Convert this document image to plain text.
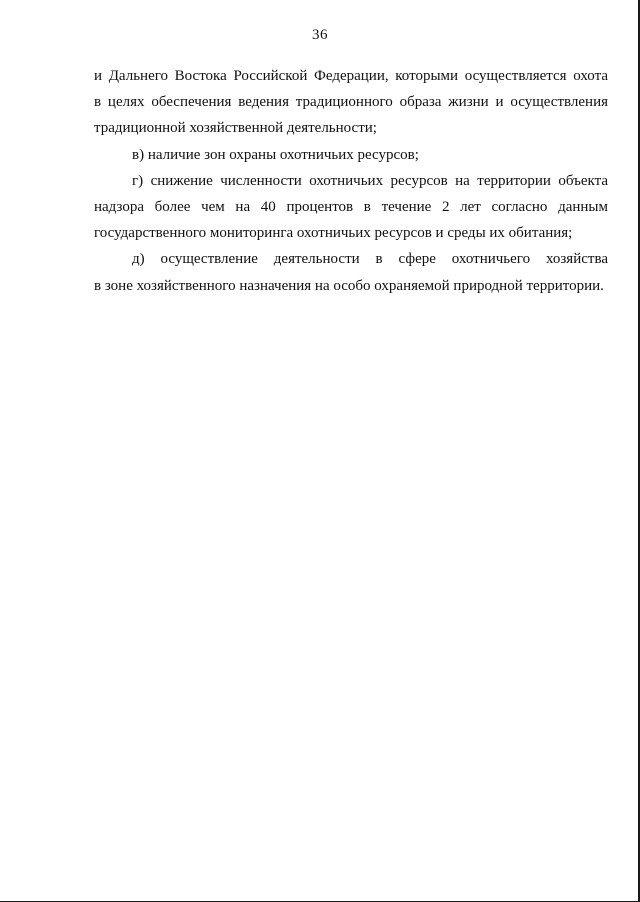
36
и Дальнего Востока Российской Федерации, которыми осуществляется охота
в целях обеспечения ведения традиционного образа жизни и осуществления
традиционной хозяйственной деятельности;
в) наличие зон охраны охотничьих ресурсов;
г) снижение численности охотничьих ресурсов на территории объекта
надзора более чем на 40 процентов в течение 2 лет согласно данным
государственного мониторинга охотничьих ресурсов и среды их обитания;
д) осуществление деятельности в сфере охотничьего хозяйства
в зоне хозяйственного назначения на особо охраняемой природной территории.
